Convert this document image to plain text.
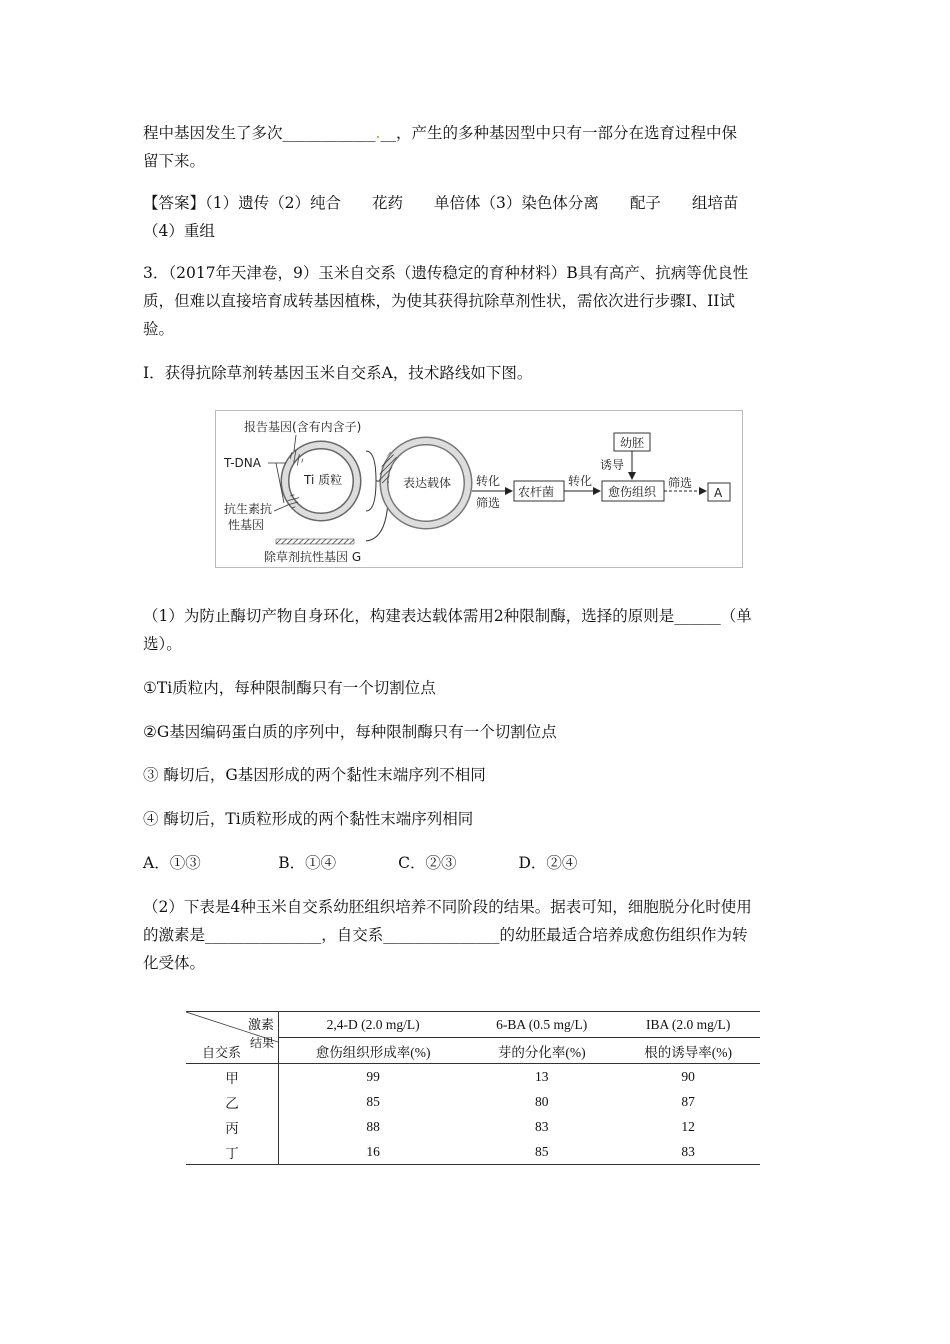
程中基因发生了多次____________.__，产生的多种基因型中只有一部分在选育过程中保
留下来。
【答案】（1）遗传（2）纯合　　花药　　单倍体（3）染色体分离　　配子　　组培苗
（4）重组
3．（2017年天津卷，9）玉米自交系（遗传稳定的育种材料）B具有高产、抗病等优良性
质，但难以直接培育成转基因植株，为使其获得抗除草剂性状，需依次进行步骤I、II试
验。
Ⅰ．获得抗除草剂转基因玉米自交系A，技术路线如下图。
Ti 质粒
报告基因(含有内含子)
T-DNA
抗生素抗
性基因
除草剂抗性基因 G
表达载体 转化
筛选
农杆菌
转化
愈伤组织
幼胚
诱导
筛选
A
（1）为防止酶切产物自身环化，构建表达载体需用2种限制酶，选择的原则是______（单
选）。
①Ti质粒内，每种限制酶只有一个切割位点
②G基因编码蛋白质的序列中，每种限制酶只有一个切割位点
③ 酶切后，G基因形成的两个黏性末端序列不相同
④ 酶切后，Ti质粒形成的两个黏性末端序列相同
A．①③　　　　　B．①④　　　　C．②③　　　　D．②④
（2）下表是4种玉米自交系幼胚组织培养不同阶段的结果。据表可知，细胞脱分化时使用
的激素是_______________，自交系_______________的幼胚最适合培养成愈伤组织作为转
化受体。
激素
结果
自交系	2,4-D (2.0 mg/L)	6-BA (0.5 mg/L)	IBA (2.0 mg/L)
	愈伤组织形成率(%)	芽的分化率(%)	根的诱导率(%)
甲	99	13	90
乙	85	80	87
丙	88	83	12
丁	16	85	83
